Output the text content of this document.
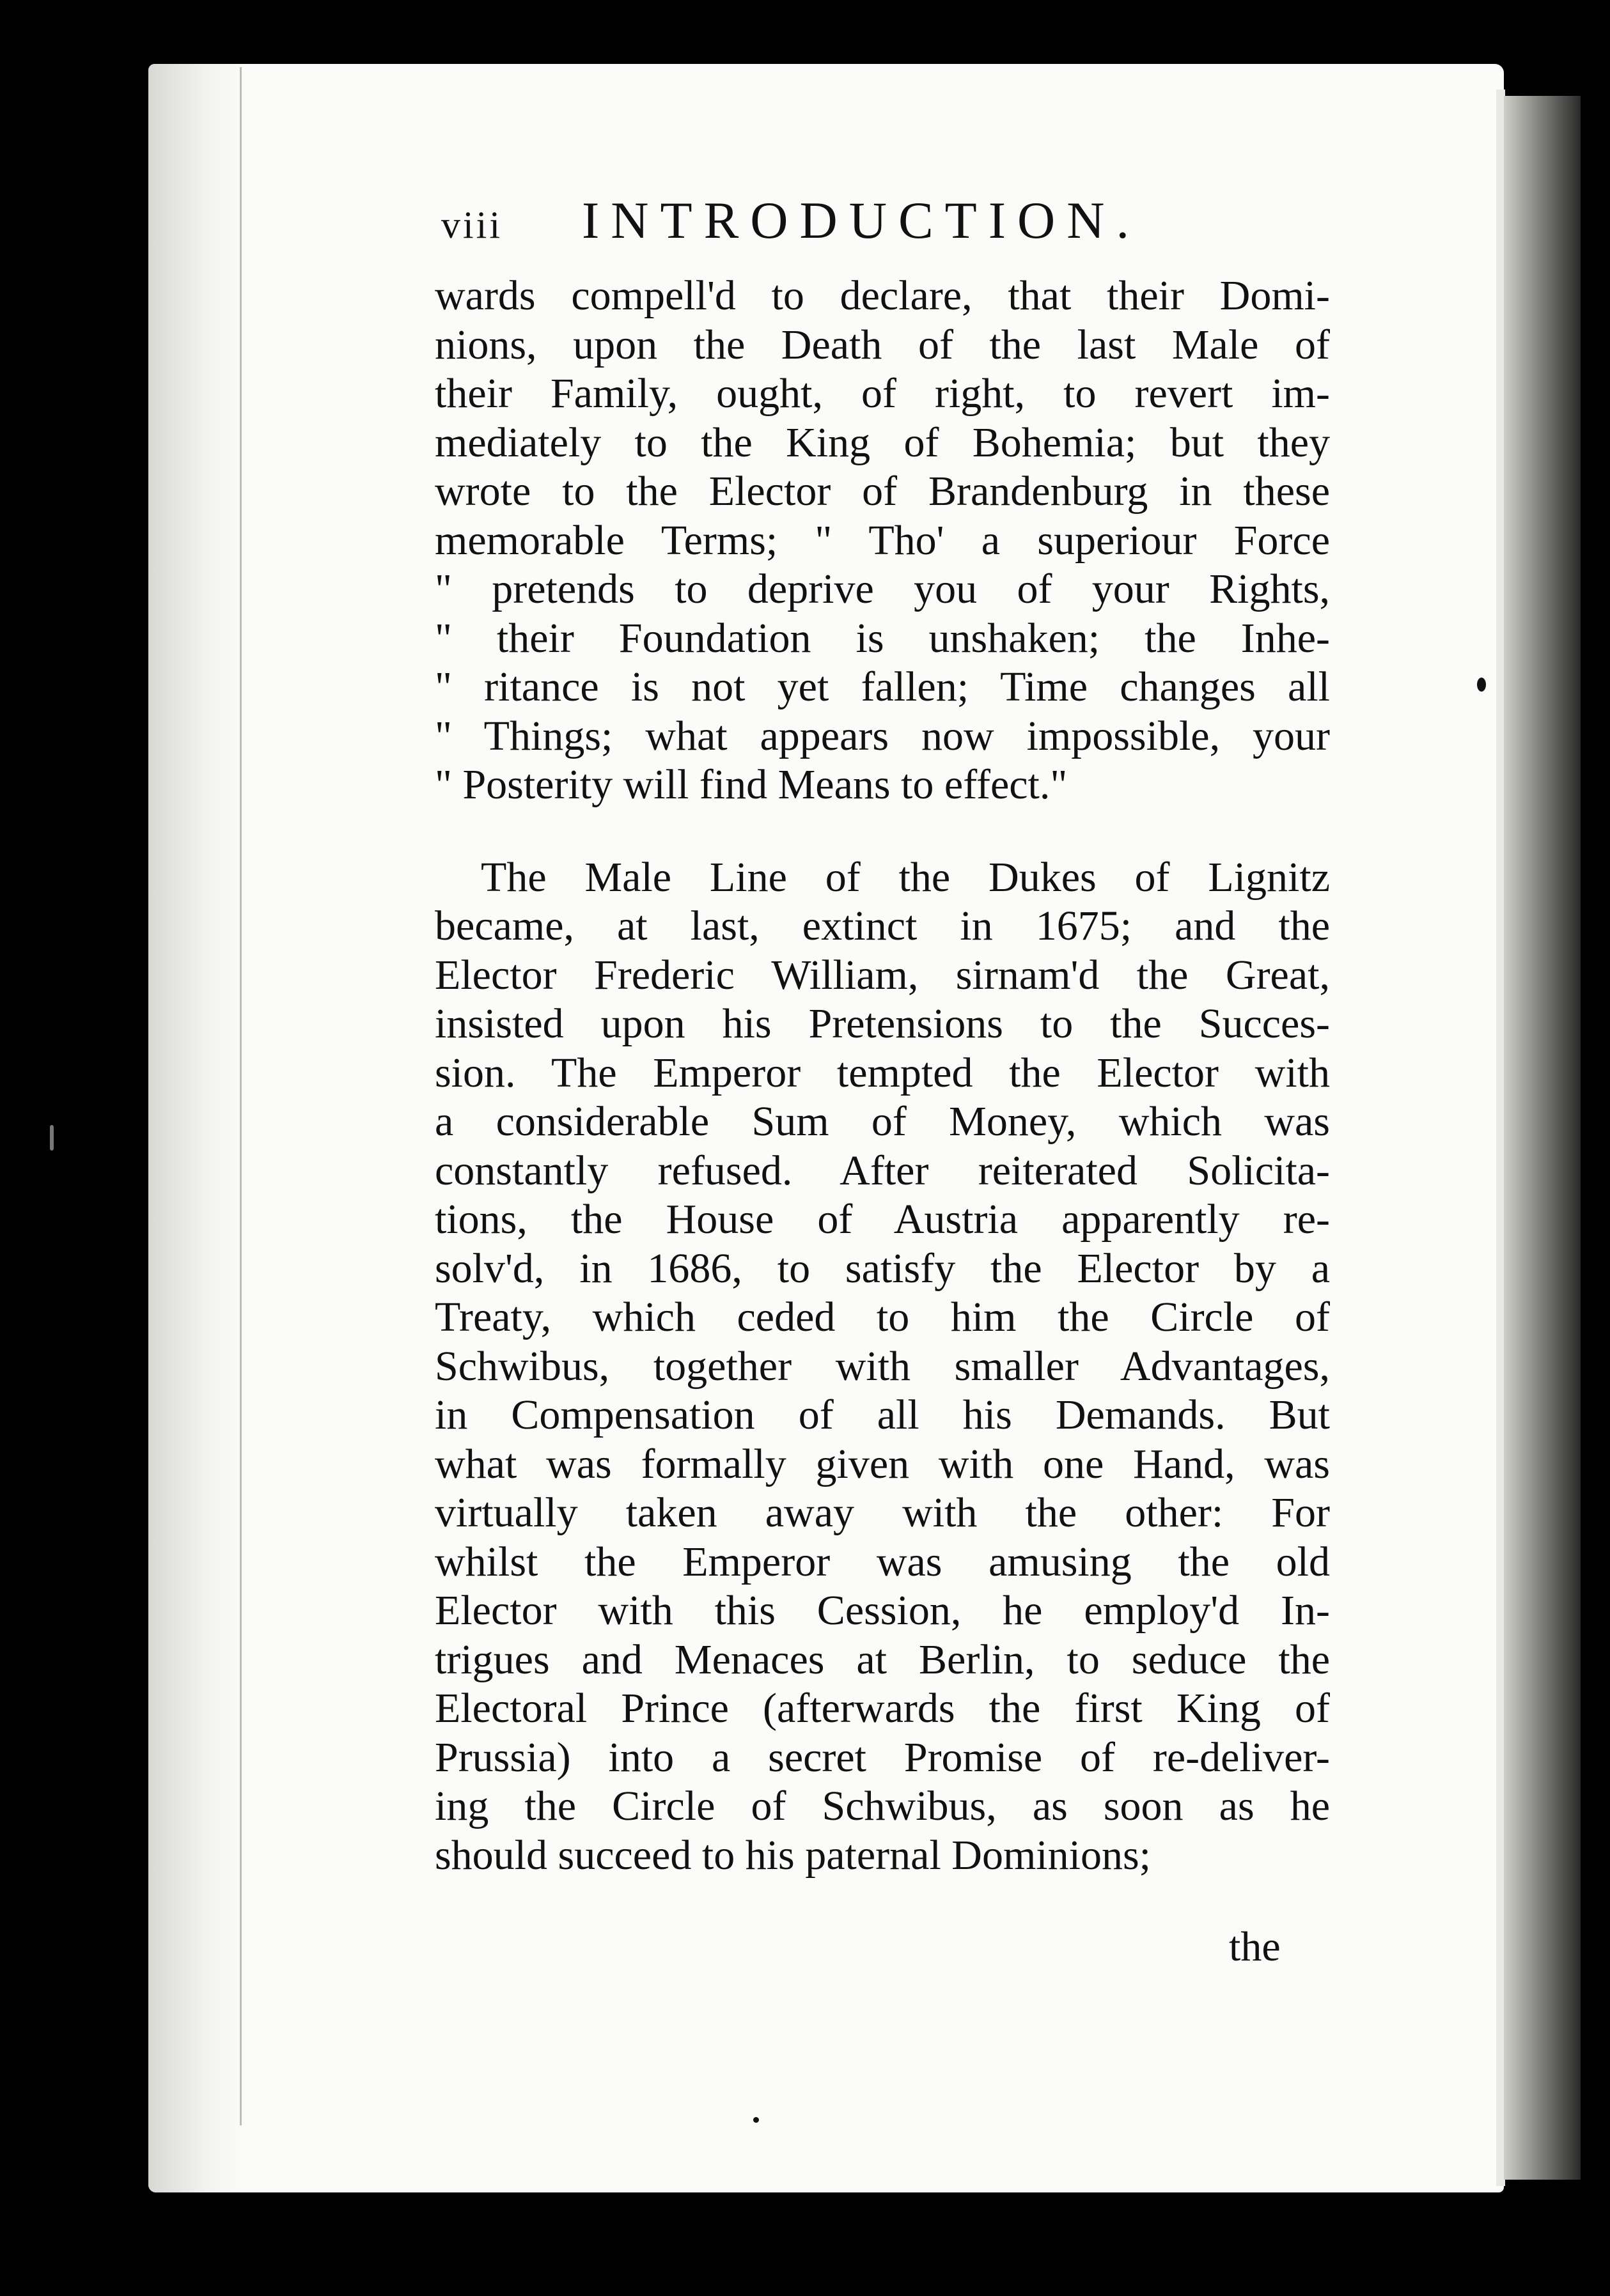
viii	INTRODUCTION.
wards compell'd to declare, that their Domi-
nions, upon the Death of the last Male of
their Family, ought, of right, to revert im-
mediately to the King of Bohemia; but they
wrote to the Elector of Brandenburg in these
memorable Terms; " Tho' a superiour Force
" pretends to deprive you of your Rights,
" their Foundation is unshaken; the Inhe-
" ritance is not yet fallen; Time changes all
" Things; what appears now impossible, your
" Posterity will find Means to effect."
The Male Line of the Dukes of Lignitz
became, at last, extinct in 1675; and the
Elector Frederic William, sirnam'd the Great,
insisted upon his Pretensions to the Succes-
sion. The Emperor tempted the Elector with
a considerable Sum of Money, which was
constantly refused. After reiterated Solicita-
tions, the House of Austria apparently re-
solv'd, in 1686, to satisfy the Elector by a
Treaty, which ceded to him the Circle of
Schwibus, together with smaller Advantages,
in Compensation of all his Demands. But
what was formally given with one Hand, was
virtually taken away with the other: For
whilst the Emperor was amusing the old
Elector with this Cession, he employ'd In-
trigues and Menaces at Berlin, to seduce the
Electoral Prince (afterwards the first King of
Prussia) into a secret Promise of re-deliver-
ing the Circle of Schwibus, as soon as he
should succeed to his paternal Dominions;
the
